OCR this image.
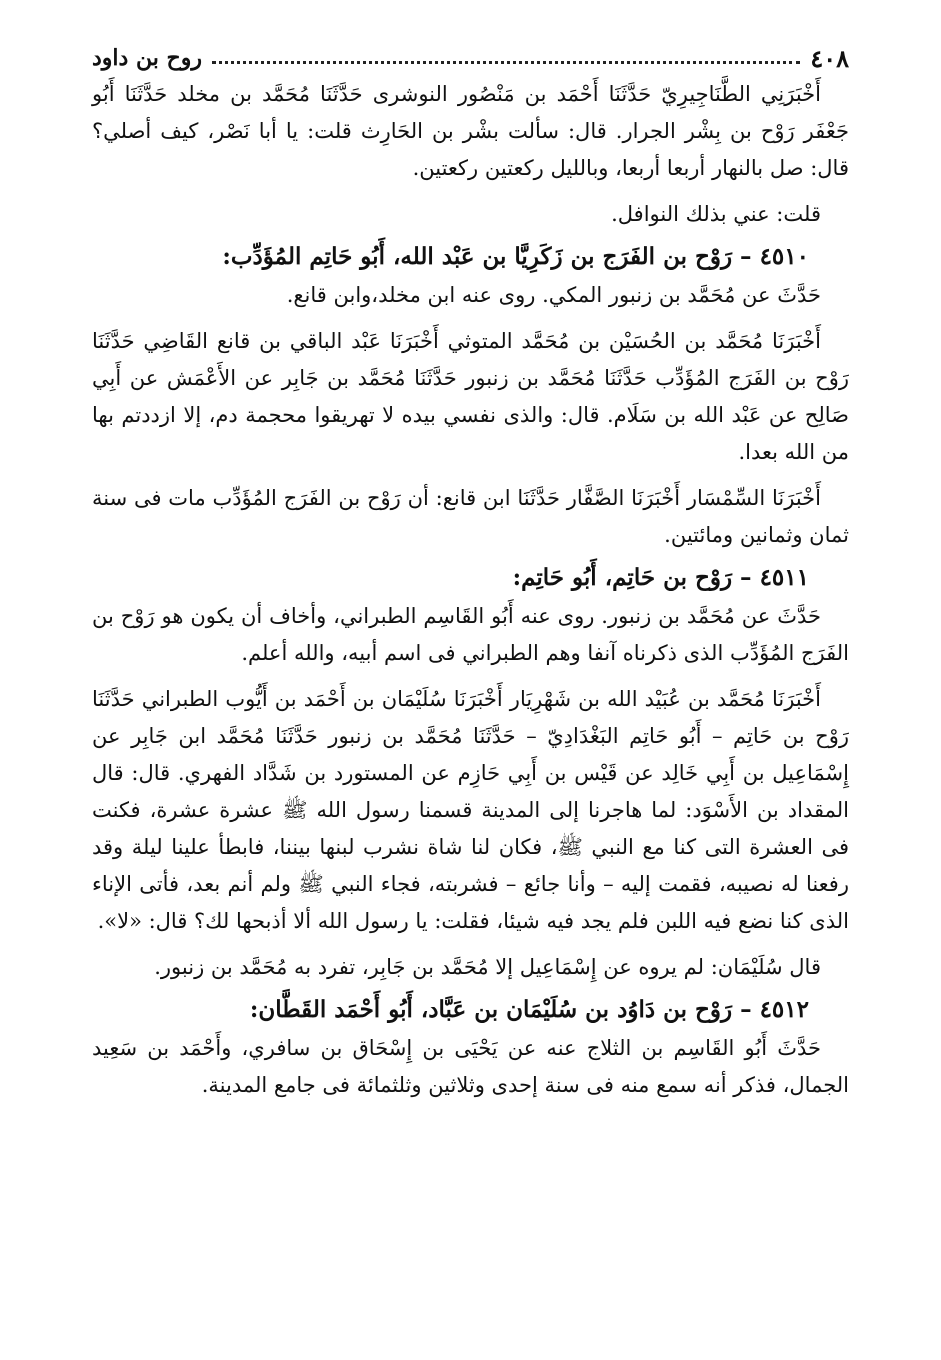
٤٠٨
روح بن داود

أَخْبَرَنِي الطَّنَاجِيرِيّ حَدَّثَنَا أَحْمَد بن مَنْصُور النوشرى حَدَّثَنَا مُحَمَّد بن مخلد حَدَّثَنَا أَبُو جَعْفَر رَوْح بن بِشْر الجرار. قال: سألت بشْر بن الحَارِث قلت: يا أبا نَصْر، كيف أصلي؟ قال: صل بالنهار أربعا أربعا، وبالليل ركعتين ركعتين.

قلت: عني بذلك النوافل.

٤٥١٠ – رَوْح بن الفَرَج بن زَكَرِيَّا بن عَبْد الله، أَبُو حَاتِم المُؤَدِّب:

حَدَّثَ عن مُحَمَّد بن زنبور المكي. روى عنه ابن مخلد،وابن قانع.

أَخْبَرَنَا مُحَمَّد بن الحُسَيْن بن مُحَمَّد المتوثي أَخْبَرَنَا عَبْد الباقي بن قانع القَاضِي حَدَّثَنَا رَوْح بن الفَرَج المُؤَدِّب حَدَّثَنَا مُحَمَّد بن زنبور حَدَّثَنَا مُحَمَّد بن جَابِر عن الأَعْمَش عن أَبِي صَالِح عن عَبْد الله بن سَلَام. قال: والذى نفسي بيده لا تهريقوا محجمة دم، إلا ازددتم بها من الله بعدا.

أَخْبَرَنَا السِّمْسَار أَخْبَرَنَا الصَّفَّار حَدَّثَنَا ابن قانع: أن رَوْح بن الفَرَج المُؤَدِّب مات فى سنة ثمان وثمانين ومائتين.

٤٥١١ – رَوْح بن حَاتِم، أَبُو حَاتِم:

حَدَّثَ عن مُحَمَّد بن زنبور. روى عنه أَبُو القَاسِم الطبراني، وأخاف أن يكون هو رَوْح بن الفَرَج المُؤَدِّب الذى ذكرناه آنفا وهم الطبراني فى اسم أبيه، والله أعلم.

أَخْبَرَنَا مُحَمَّد بن عُبَيْد الله بن شَهْرِيَار أَخْبَرَنَا سُلَيْمَان بن أَحْمَد بن أَيُّوب الطبراني حَدَّثَنَا رَوْح بن حَاتِم – أَبُو حَاتِم البَغْدَادِيّ – حَدَّثَنَا مُحَمَّد بن زنبور حَدَّثَنَا مُحَمَّد ابن جَابِر عن إِسْمَاعِيل بن أَبِي خَالِد عن قَيْس بن أَبِي حَازِم عن المستورد بن شَدَّاد الفهري. قال: قال المقداد بن الأَسْوَد: لما هاجرنا إلى المدينة قسمنا رسول الله ﷺ عشرة عشرة، فكنت فى العشرة التى كنا مع النبي ﷺ، فكان لنا شاة نشرب لبنها بيننا، فابطأ علينا ليلة وقد رفعنا له نصيبه، فقمت إليه – وأنا جائع – فشربته، فجاء النبي ﷺ ولم أنم بعد، فأتى الإناء الذى كنا نضع فيه اللبن فلم يجد فيه شيئا، فقلت: يا رسول الله ألا أذبحها لك؟ قال: «لا».

قال سُلَيْمَان: لم يروه عن إِسْمَاعِيل إلا مُحَمَّد بن جَابِر، تفرد به مُحَمَّد بن زنبور.

٤٥١٢ – رَوْح بن دَاوُد بن سُلَيْمَان بن عَبَّاد، أَبُو أَحْمَد القَطَّان:

حَدَّثَ أَبُو القَاسِم بن الثلاج عنه عن يَحْيَى بن إِسْحَاق بن سافري، وأَحْمَد بن سَعِيد الجمال، فذكر أنه سمع منه فى سنة إحدى وثلاثين وثلثمائة فى جامع المدينة.
